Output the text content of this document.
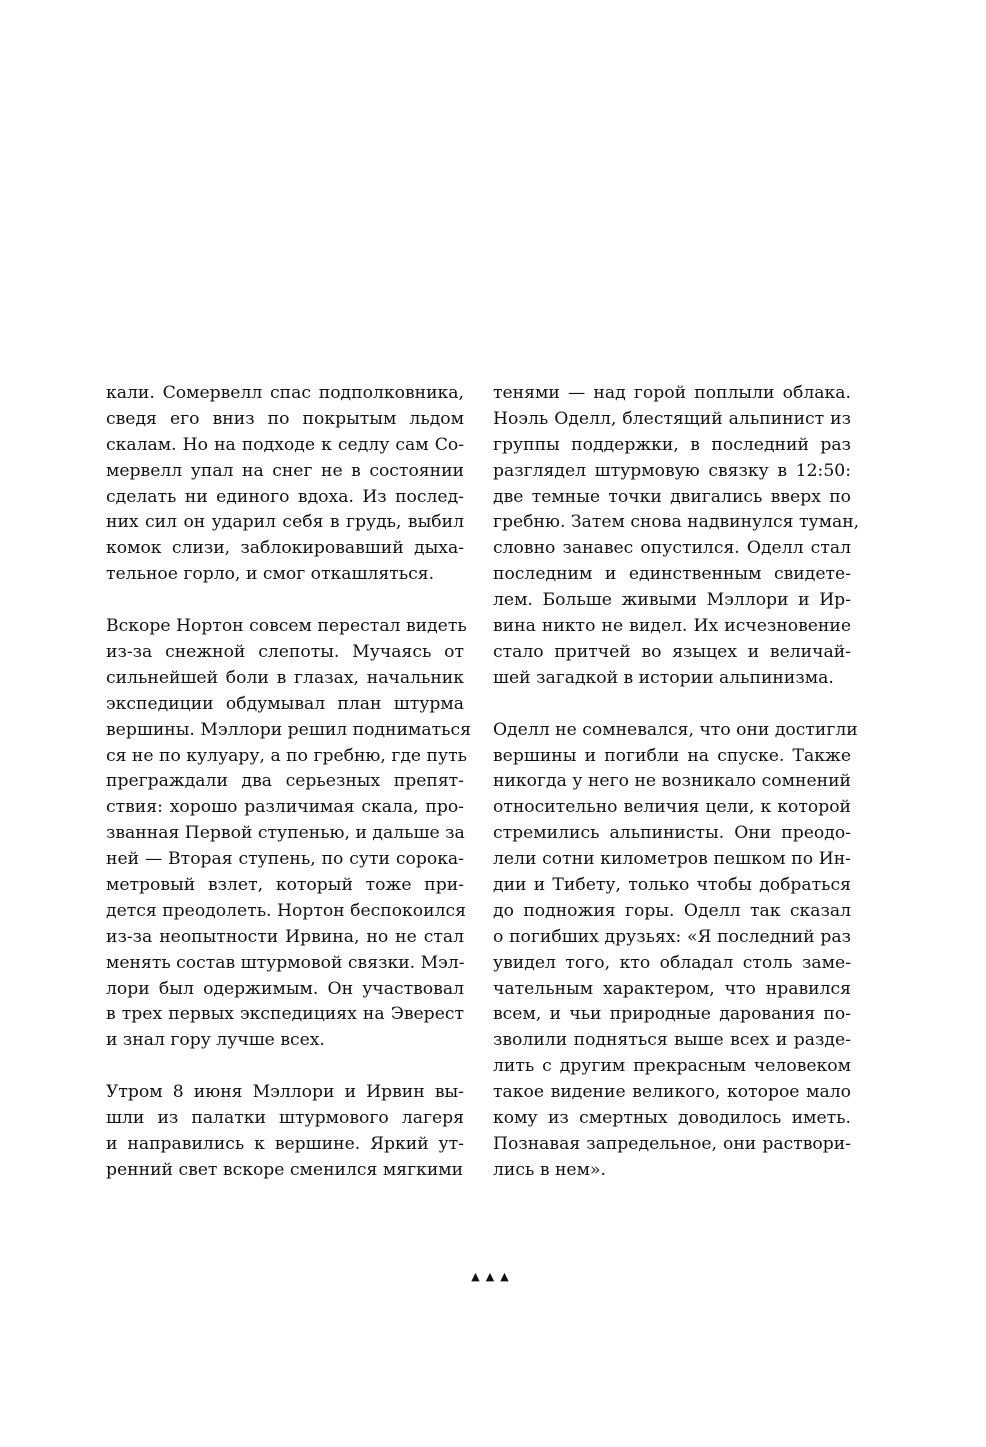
кали. Сомервелл спас подполковника,
сведя его вниз по покрытым льдом
скалам. Но на подходе к седлу сам Со-
мервелл упал на снег не в состоянии
сделать ни единого вдоха. Из послед-
них сил он ударил себя в грудь, выбил
комок слизи, заблокировавший дыха-
тельное горло, и смог откашляться.
Вскоре Нортон совсем перестал видеть
из-за снежной слепоты. Мучаясь от
сильнейшей боли в глазах, начальник
экспедиции обдумывал план штурма
вершины. Мэллори решил подниматься
ся не по кулуару, а по гребню, где путь
преграждали два серьезных препят-
ствия: хорошо различимая скала, про-
званная Первой ступенью, и дальше за
ней — Вторая ступень, по сути сорока-
метровый взлет, который тоже при-
дется преодолеть. Нортон беспокоился
из-за неопытности Ирвина, но не стал
менять состав штурмовой связки. Мэл-
лори был одержимым. Он участвовал
в трех первых экспедициях на Эверест
и знал гору лучше всех.
Утром 8 июня Мэллори и Ирвин вы-
шли из палатки штурмового лагеря
и направились к вершине. Яркий ут-
ренний свет вскоре сменился мягкими
тенями — над горой поплыли облака.
Ноэль Оделл, блестящий альпинист из
группы поддержки, в последний раз
разглядел штурмовую связку в 12:50:
две темные точки двигались вверх по
гребню. Затем снова надвинулся туман,
словно занавес опустился. Оделл стал
последним и единственным свидете-
лем. Больше живыми Мэллори и Ир-
вина никто не видел. Их исчезновение
стало притчей во языцех и величай-
шей загадкой в истории альпинизма.
Оделл не сомневался, что они достигли
вершины и погибли на спуске. Также
никогда у него не возникало сомнений
относительно величия цели, к которой
стремились альпинисты. Они преодо-
лели сотни километров пешком по Ин-
дии и Тибету, только чтобы добраться
до подножия горы. Оделл так сказал
о погибших друзьях: «Я последний раз
увидел того, кто обладал столь заме-
чательным характером, что нравился
всем, и чьи природные дарования по-
зволили подняться выше всех и разде-
лить с другим прекрасным человеком
такое видение великого, которое мало
кому из смертных доводилось иметь.
Познавая запредельное, они раствори-
лись в нем».
▲▲▲
